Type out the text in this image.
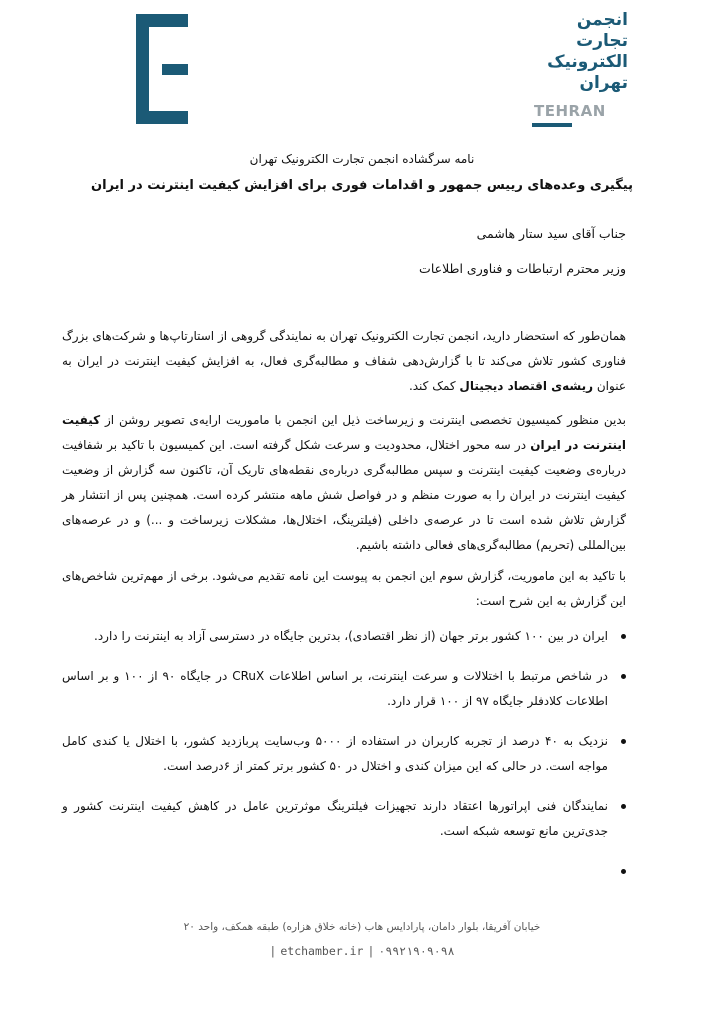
انجمن
تجارت
الکترونیک
تهران
TEHRAN
نامه سرگشاده انجمن تجارت الکترونیک تهران
پیگیری وعده‌های رییس جمهور و اقدامات فوری برای افزایش کیفیت اینترنت در ایران
جناب آقای سید ستار هاشمی
وزیر محترم ارتباطات و فناوری اطلاعات
همان‌طور که استحضار دارید، انجمن تجارت الکترونیک تهران به نمایندگی گروهی از استارتاپ‌ها و شرکت‌های بزرگ فناوری کشور تلاش می‌کند تا با گزارش‌دهی شفاف و مطالبه‌گری فعال، به افزایش کیفیت اینترنت در ایران به عنوان ریشه‌ی اقتصاد دیجیتال کمک کند.
بدین منظور کمیسیون تخصصی اینترنت و زیرساخت ذیل این انجمن با ماموریت ارایه‌ی تصویر روشن از کیفیت اینترنت در ایران در سه محور اختلال، محدودیت و سرعت شکل گرفته است. این کمیسیون با تاکید بر شفافیت درباره‌ی وضعیت کیفیت اینترنت و سپس مطالبه‌گری درباره‌ی نقطه‌های تاریک آن، تاکنون سه گزارش از وضعیت کیفیت اینترنت در ایران را به صورت منظم و در فواصل شش ماهه منتشر کرده است. همچنین پس از انتشار هر گزارش تلاش شده است تا در عرصه‌ی داخلی (فیلترینگ، اختلال‌ها، مشکلات زیرساخت و ...) و در عرصه‌های بین‌المللی (تحریم) مطالبه‌گری‌های فعالی داشته باشیم.
با تاکید به این ماموریت، گزارش سوم این انجمن به پیوست این نامه تقدیم می‌شود. برخی از مهم‌ترین شاخص‌های این گزارش به این شرح است:
ایران در بین ۱۰۰ کشور برتر جهان (از نظر اقتصادی)، بدترین جایگاه در دسترسی آزاد به اینترنت را دارد.
در شاخص مرتبط با اختلالات و سرعت اینترنت، بر اساس اطلاعات CRuX در جایگاه ۹۰ از ۱۰۰ و بر اساس اطلاعات کلادفلر جایگاه ۹۷ از ۱۰۰ قرار دارد.
نزدیک به ۴۰ درصد از تجربه کاربران در استفاده از ۵۰۰۰ وب‌سایت پربازدید کشور، با اختلال یا کندی کامل مواجه است. در حالی که این میزان کندی و اختلال در ۵۰ کشور برتر کمتر از ۶درصد است.
نمایندگان فنی اپراتورها اعتقاد دارند تجهیزات فیلترینگ موثرترین عامل در کاهش کیفیت اینترنت کشور و جدی‌ترین مانع توسعه شبکه است.
خیابان آفریقا، بلوار دامان، پارادایس هاب (خانه خلاق هزاره) طبقه همکف، واحد ۲۰
| etchamber.ir | ۰۹۹۲۱۹۰۹۰۹۸
